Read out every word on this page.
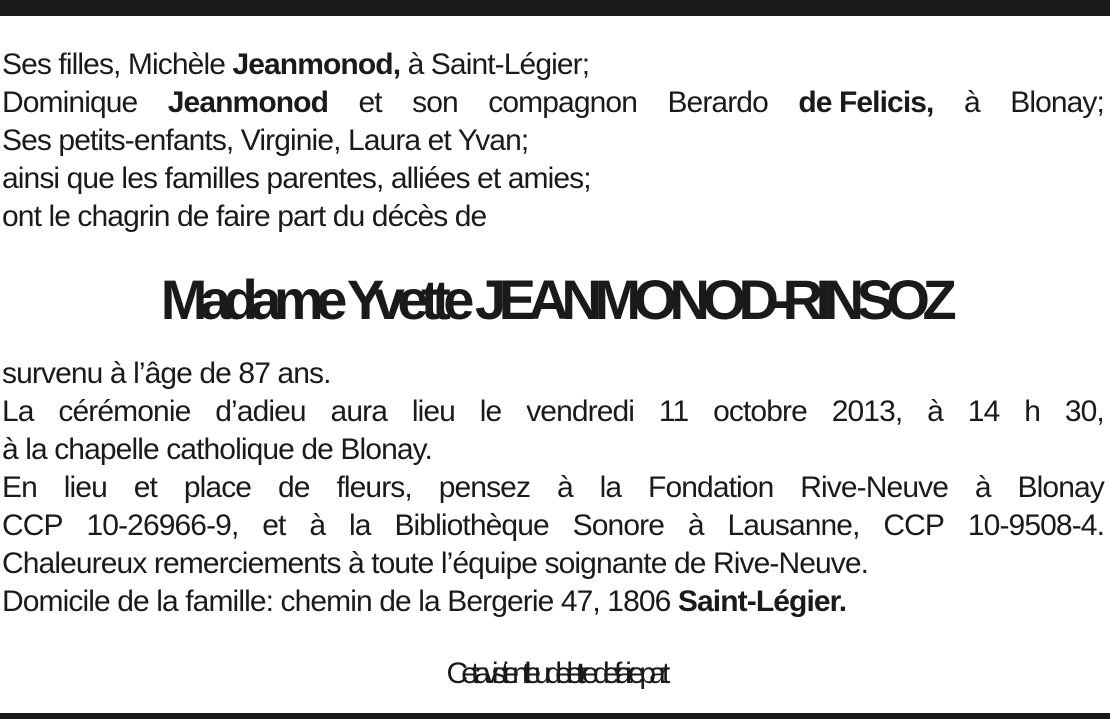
Ses filles, Michèle Jeanmonod, à Saint-Légier;
Dominique Jeanmonod et son compagnon Berardo de Felicis, à Blonay;
Ses petits-enfants, Virginie, Laura et Yvan;
ainsi que les familles parentes, alliées et amies;
ont le chagrin de faire part du décès de
Madame Yvette JEANMONOD-RINSOZ
survenu à l’âge de 87 ans.
La cérémonie d’adieu aura lieu le vendredi 11 octobre 2013, à 14 h 30,
à la chapelle catholique de Blonay.
En lieu et place de fleurs, pensez à la Fondation Rive-Neuve à Blonay
CCP 10-26966-9, et à la Bibliothèque Sonore à Lausanne, CCP 10-9508-4.
Chaleureux remerciements à toute l’équipe soignante de Rive-Neuve.
Domicile de la famille: chemin de la Bergerie 47, 1806 Saint-Légier.
Cet avis tient lieu de lettre de faire part
